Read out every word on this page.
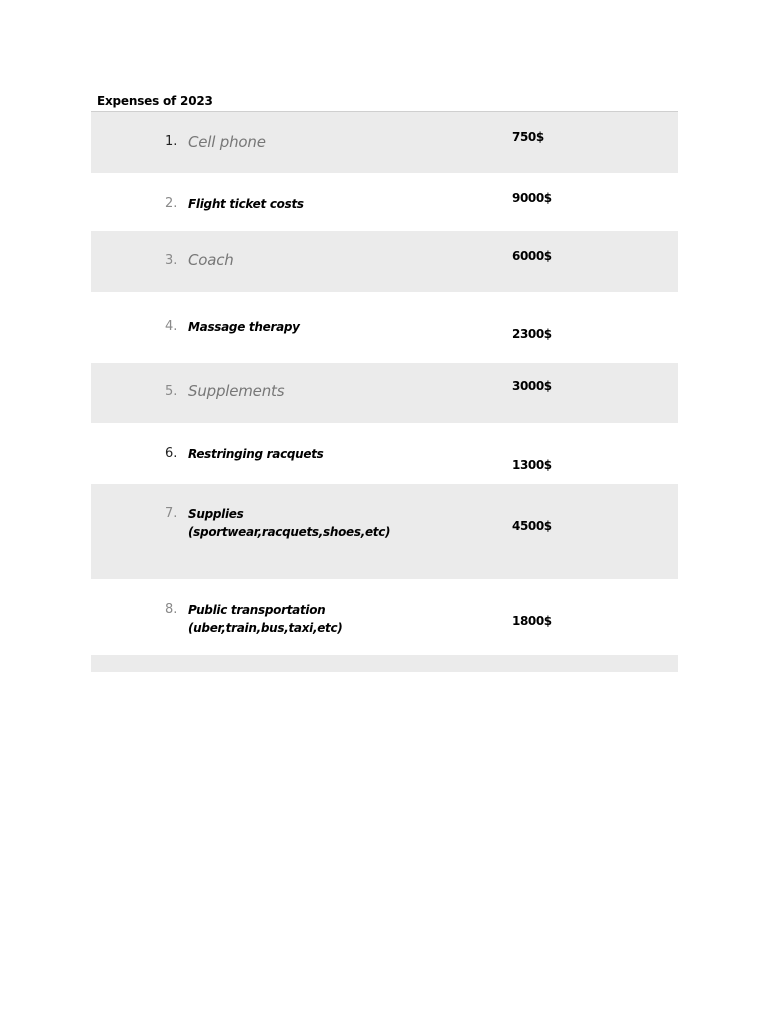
Expenses of 2023
1. Cell phone	750$
2. Flight ticket costs	9000$
3. Coach	6000$
4. Massage therapy	2300$
5. Supplements	3000$
6. Restringing racquets
1300$
7. Supplies
(sportwear,racquets,shoes,etc)	4500$
8. Public transportation
(uber,train,bus,taxi,etc)	1800$
